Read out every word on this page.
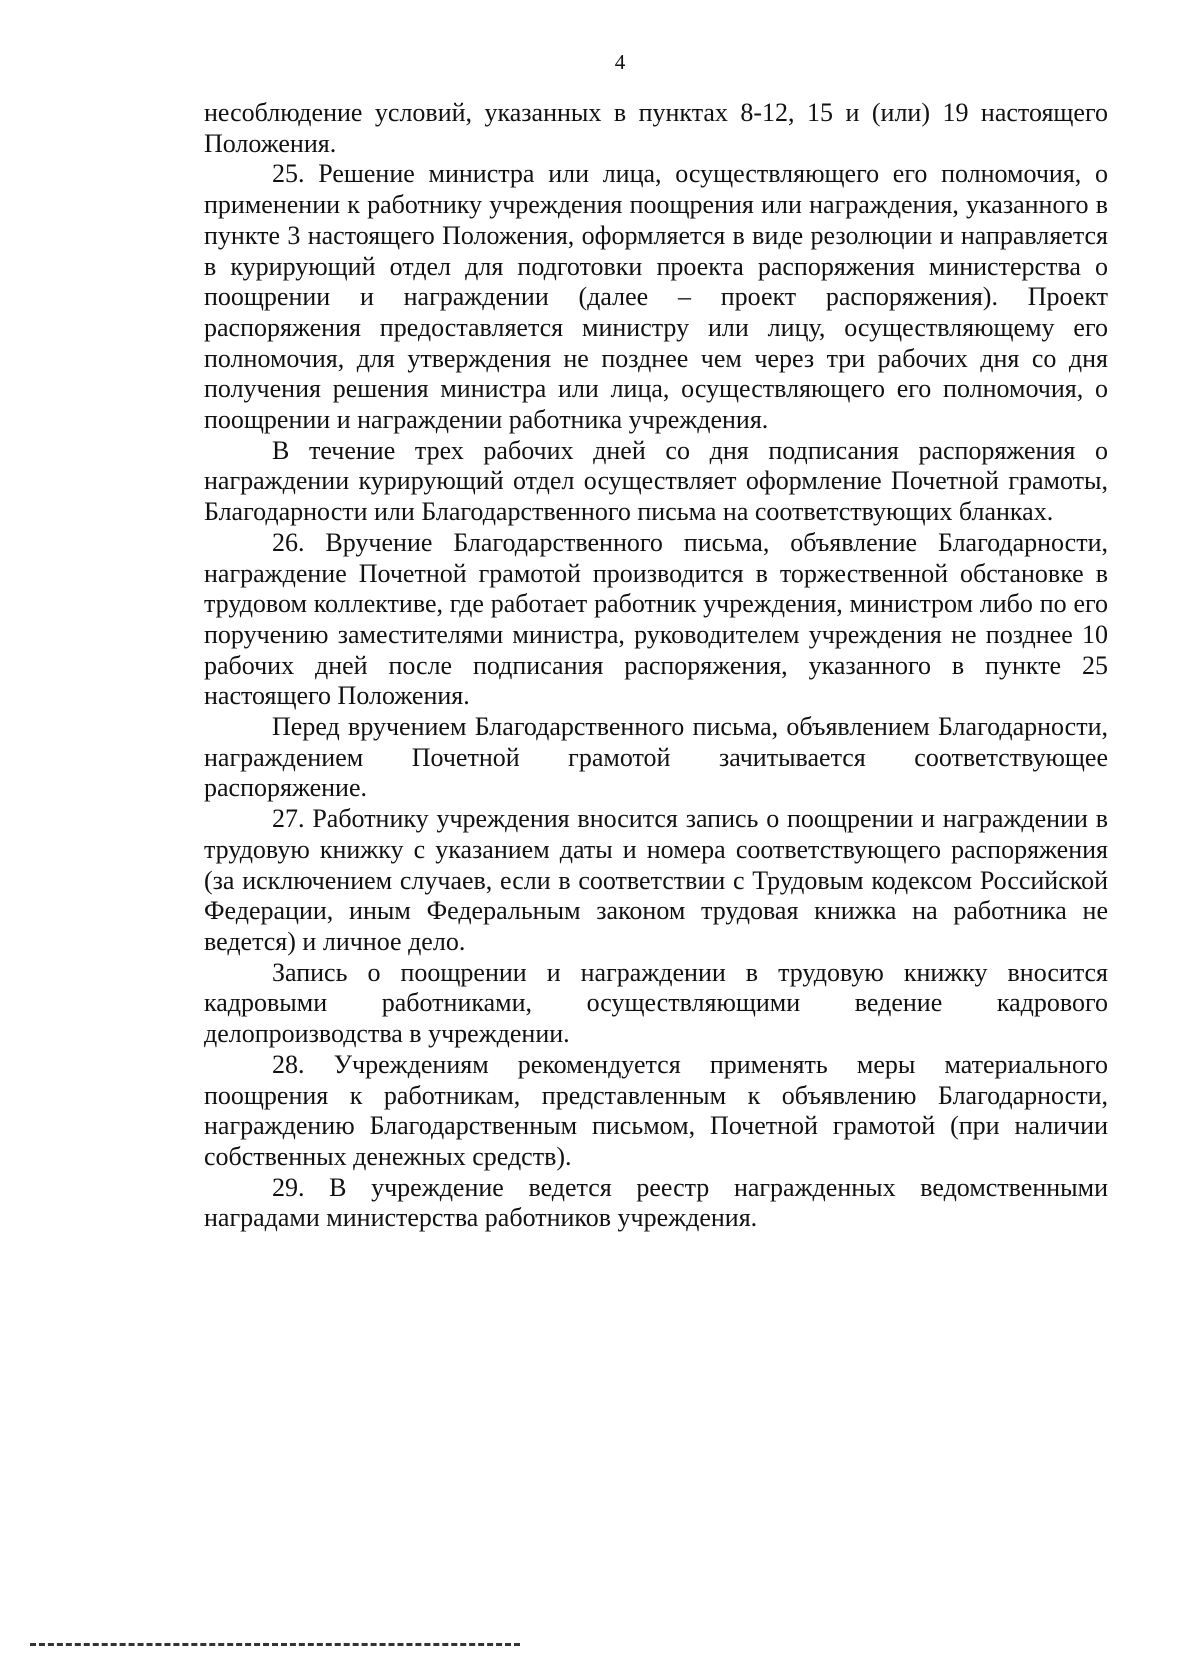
4

несоблюдение условий, указанных в пунктах 8-12, 15 и (или) 19 настоящего Положения.

25. Решение министра или лица, осуществляющего его полномочия, о применении к работнику учреждения поощрения или награждения, указанного в пункте 3 настоящего Положения, оформляется в виде резолюции и направляется в курирующий отдел для подготовки проекта распоряжения министерства о поощрении и награждении (далее – проект распоряжения). Проект распоряжения предоставляется министру или лицу, осуществляющему его полномочия, для утверждения не позднее чем через три рабочих дня со дня получения решения министра или лица, осуществляющего его полномочия, о поощрении и награждении работника учреждения.

В течение трех рабочих дней со дня подписания распоряжения о награждении курирующий отдел осуществляет оформление Почетной грамоты, Благодарности или Благодарственного письма на соответствующих бланках.

26. Вручение Благодарственного письма, объявление Благодарности, награждение Почетной грамотой производится в торжественной обстановке в трудовом коллективе, где работает работник учреждения, министром либо по его поручению заместителями министра, руководителем учреждения не позднее 10 рабочих дней после подписания распоряжения, указанного в пункте 25 настоящего Положения.

Перед вручением Благодарственного письма, объявлением Благодарности, награждением Почетной грамотой зачитывается соответствующее распоряжение.

27. Работнику учреждения вносится запись о поощрении и награждении в трудовую книжку с указанием даты и номера соответствующего распоряжения (за исключением случаев, если в соответствии с Трудовым кодексом Российской Федерации, иным Федеральным законом трудовая книжка на работника не ведется) и личное дело.

Запись о поощрении и награждении в трудовую книжку вносится кадровыми работниками, осуществляющими ведение кадрового делопроизводства в учреждении.

28. Учреждениям рекомендуется применять меры материального поощрения к работникам, представленным к объявлению Благодарности, награждению Благодарственным письмом, Почетной грамотой (при наличии собственных денежных средств).

29. В учреждение ведется реестр награжденных ведомственными наградами министерства работников учреждения.
